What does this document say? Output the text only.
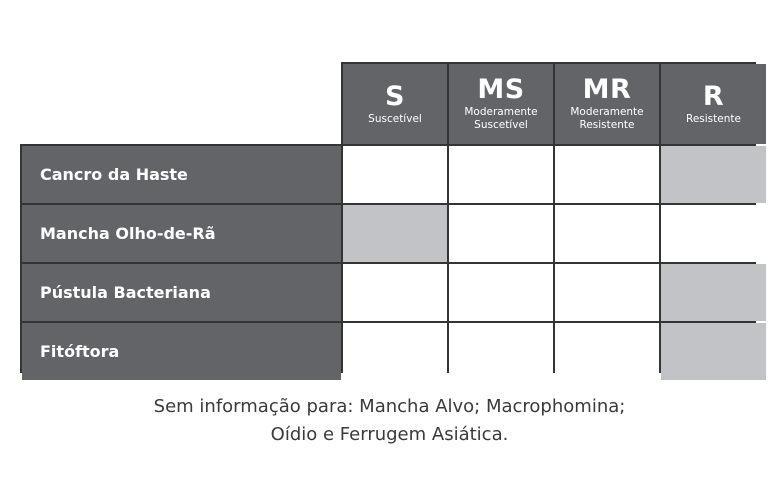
S
Suscetível
MS
Moderamente
Suscetível
MR
Moderamente
Resistente
R
Resistente
Cancro da Haste
Mancha Olho-de-Rã
Pústula Bacteriana
Fitóftora
Sem informação para: Mancha Alvo; Macrophomina;
Oídio e Ferrugem Asiática.
